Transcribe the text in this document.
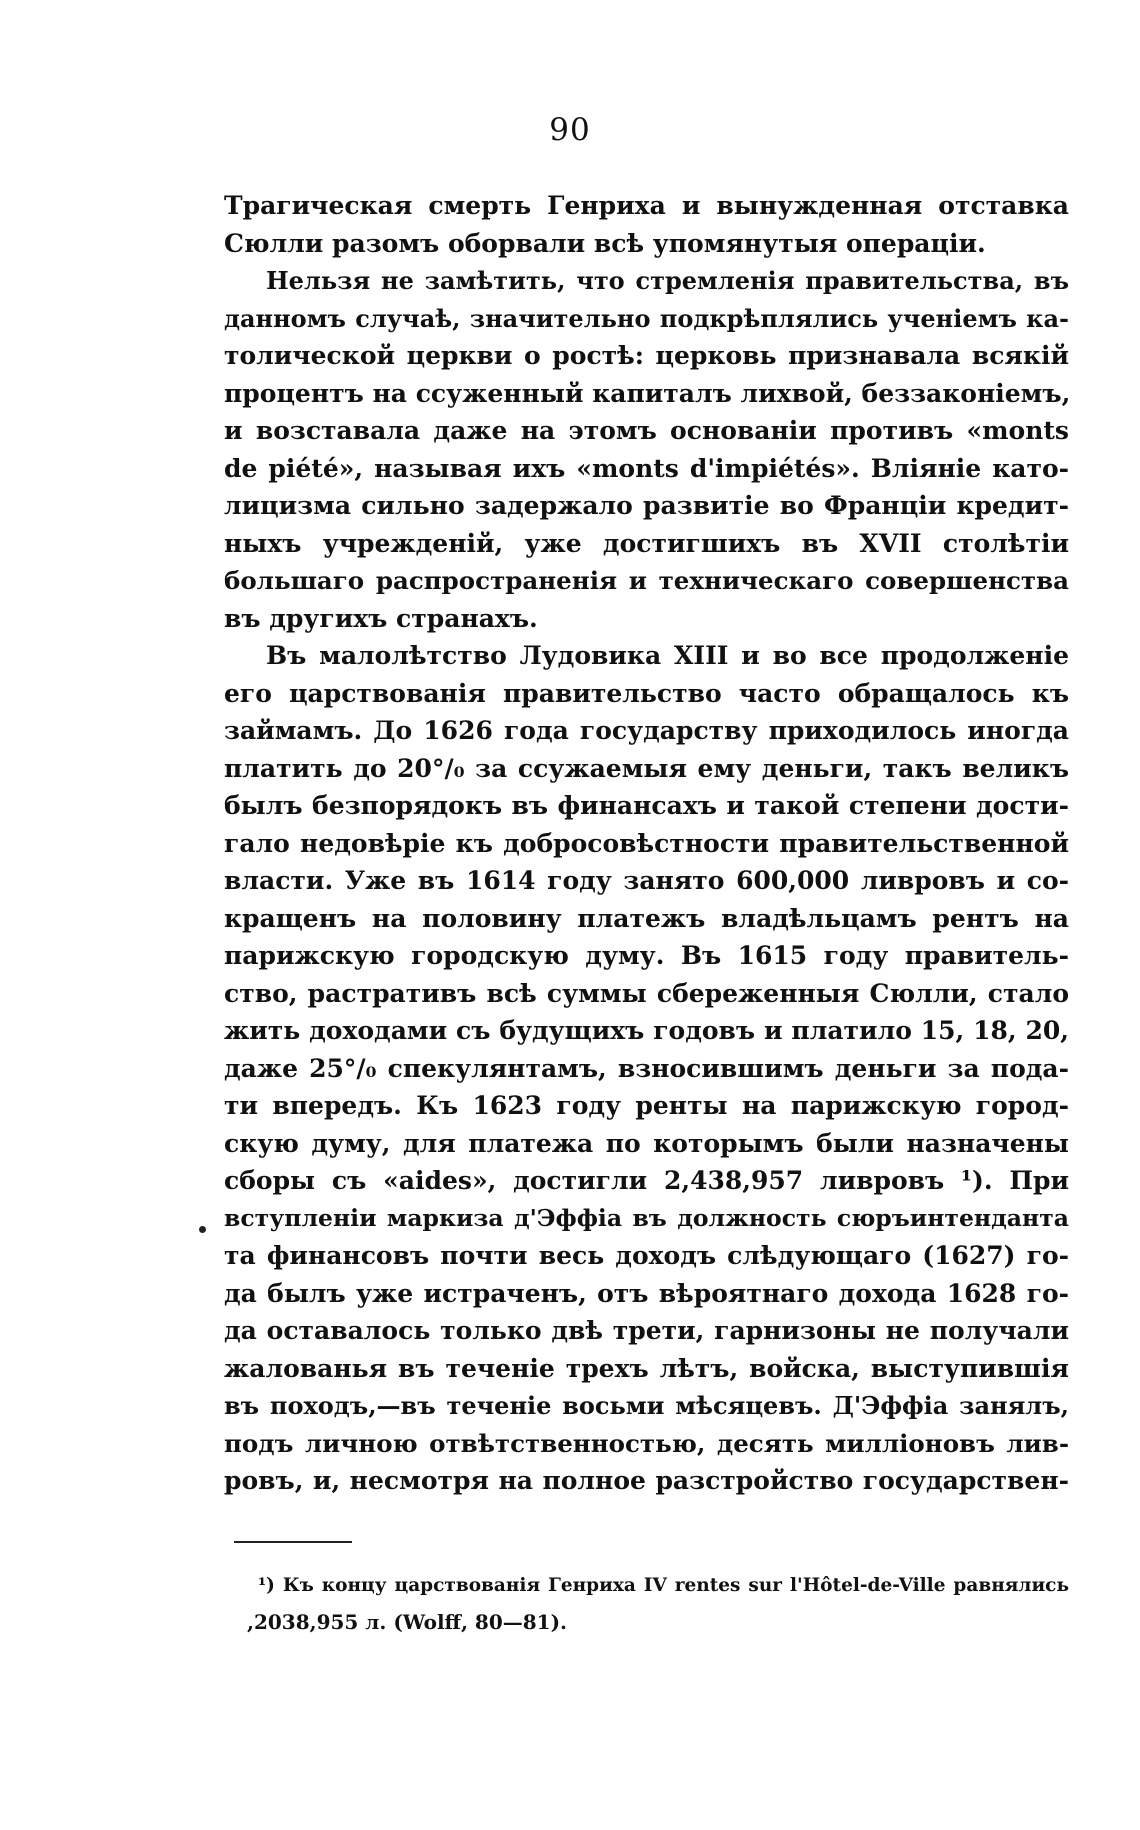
90
Трагическая смерть Генриха и вынужденная отставка
Сюлли разомъ оборвали всѣ упомянутыя операціи.
Нельзя не замѣтить, что стремленія правительства, въ
данномъ случаѣ, значительно подкрѣплялись ученіемъ ка-
толической церкви о ростѣ: церковь признавала всякій
процентъ на ссуженный капиталъ лихвой, беззаконіемъ,
и возставала даже на этомъ основаніи противъ «monts
de piété», называя ихъ «monts d'impiétés». Вліяніе като-
лицизма сильно задержало развитіе во Франціи кредит-
ныхъ учрежденій, уже достигшихъ въ XVII столѣтіи
большаго распространенія и техническаго совершенства
въ другихъ странахъ.
Въ малолѣтство Лудовика XIII и во все продолженіе
его царствованія правительство часто обращалось къ
займамъ. До 1626 года государству приходилось иногда
платить до 20°/₀ за ссужаемыя ему деньги, такъ великъ
былъ безпорядокъ въ финансахъ и такой степени дости-
гало недовѣріе къ добросовѣстности правительственной
власти. Уже въ 1614 году занято 600,000 ливровъ и со-
кращенъ на половину платежъ владѣльцамъ рентъ на
парижскую городскую думу. Въ 1615 году правитель-
ство, растративъ всѣ суммы сбереженныя Сюлли, стало
жить доходами съ будущихъ годовъ и платило 15, 18, 20,
даже 25°/₀ спекулянтамъ, взносившимъ деньги за пода-
ти впередъ. Къ 1623 году ренты на парижскую город-
скую думу, для платежа по которымъ были назначены
сборы съ «aides», достигли 2,438,957 ливровъ ¹). При
вступленіи маркиза д'Эффіа въ должность сюръинтенданта
та финансовъ почти весь доходъ слѣдующаго (1627) го-
да былъ уже истраченъ, отъ вѣроятнаго дохода 1628 го-
да оставалось только двѣ трети, гарнизоны не получали
жалованья въ теченіе трехъ лѣтъ, войска, выступившія
въ походъ,—въ теченіе восьми мѣсяцевъ. Д'Эффіа занялъ,
подъ личною отвѣтственностью, десять милліоновъ лив-
ровъ, и, несмотря на полное разстройство государствен-
¹) Къ концу царствованія Генриха IV rentes sur l'Hôtel-de-Ville равнялись
,2038,955 л. (Wolff, 80—81).
